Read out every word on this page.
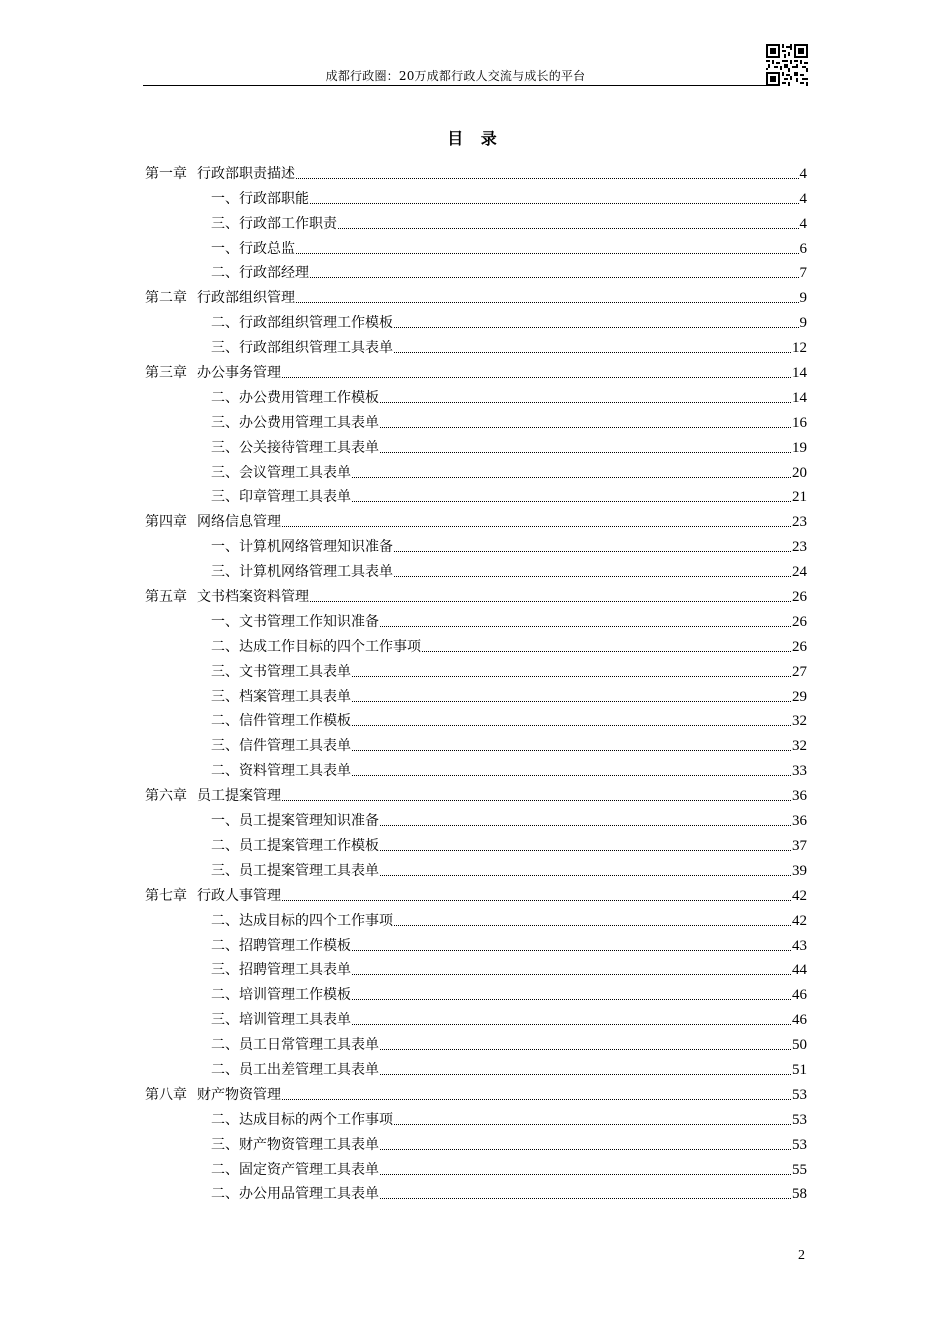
成都行政圈：20万成都行政人交流与成长的平台
目 录
第一章 行政部职责描述	4
一、行政部职能	4
三、行政部工作职责	4
一、行政总监	6
二、行政部经理	7
第二章 行政部组织管理	9
二、行政部组织管理工作模板	9
三、行政部组织管理工具表单	12
第三章 办公事务管理	14
二、办公费用管理工作模板	14
三、办公费用管理工具表单	16
三、公关接待管理工具表单	19
三、会议管理工具表单	20
三、印章管理工具表单	21
第四章 网络信息管理	23
一、计算机网络管理知识准备	23
三、计算机网络管理工具表单	24
第五章 文书档案资料管理	26
一、文书管理工作知识准备	26
二、达成工作目标的四个工作事项	26
三、文书管理工具表单	27
三、档案管理工具表单	29
二、信件管理工作模板	32
三、信件管理工具表单	32
二、资料管理工具表单	33
第六章 员工提案管理	36
一、员工提案管理知识准备	36
二、员工提案管理工作模板	37
三、员工提案管理工具表单	39
第七章 行政人事管理	42
二、达成目标的四个工作事项	42
二、招聘管理工作模板	43
三、招聘管理工具表单	44
二、培训管理工作模板	46
三、培训管理工具表单	46
二、员工日常管理工具表单	50
二、员工出差管理工具表单	51
第八章 财产物资管理	53
二、达成目标的两个工作事项	53
三、财产物资管理工具表单	53
二、固定资产管理工具表单	55
二、办公用品管理工具表单	58
2
